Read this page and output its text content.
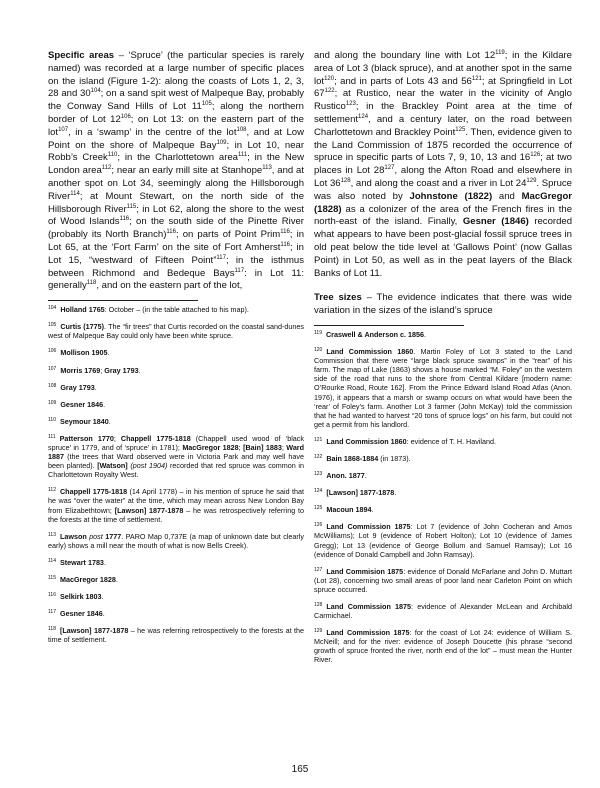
Specific areas – ‘Spruce’ (the particular species is rarely named) was recorded at a large number of specific places on the island (Figure 1-2): along the coasts of Lots 1, 2, 3, 28 and $30^{104}$; on a sand spit west of Malpeque Bay, probably the Conway Sand Hills of Lot $11^{105}$; along the northern border of Lot $12^{106}$; on Lot 13: on the eastern part of the lot$^{107}$, in a ‘swamp’ in the centre of the lot$^{108}$, and at Low Point on the shore of Malpeque Bay$^{109}$; in Lot 10, near Robb’s Creek$^{110}$; in the Charlottetown area$^{111}$; in the New London area$^{112}$; near an early mill site at Stanhope$^{113}$, and at another spot on Lot 34, seemingly along the Hillsborough River$^{114}$; at Mount Stewart, on the north side of the Hillsborough River$^{115}$; in Lot 62, along the shore to the west of Wood Islands$^{116}$; on the south side of the Pinette River (probably its North Branch)$^{116}$; on parts of Point Prim$^{116}$; in Lot 65, at the ‘Fort Farm’ on the site of Fort Amherst$^{116}$; in Lot 15, “westward of Fifteen Point”$^{117}$; in the isthmus between Richmond and Bedeque Bays$^{117}$: in Lot 11: generally$^{118}$, and on the eastern part of the lot,

$^{104}$ Holland 1765: October – (in the table attached to his map).

$^{105}$ Curtis (1775). The “fir trees” that Curtis recorded on the coastal sand-dunes west of Malpeque Bay could only have been white spruce.

$^{106}$ Mollison 1905.

$^{107}$ Morris 1769; Gray 1793.

$^{108}$ Gray 1793.

$^{109}$ Gesner 1846.

$^{110}$ Seymour 1840.

$^{111}$ Patterson 1770; Chappell 1775-1818 (Chappell used wood of ‘black spruce’ in 1779, and of ‘spruce’ in 1781); MacGregor 1828; [Bain] 1883; Ward 1887 (the trees that Ward observed were in Victoria Park and may well have been planted). [Watson] (post 1904) recorded that red spruce was common in Charlottetown Royalty West.

$^{112}$ Chappell 1775-1818 (14 April 1778) – in his mention of spruce he said that he was “over the water” at the time, which may mean across New London Bay from Elizabethtown; [Lawson] 1877-1878 – he was retrospectively referring to the forests at the time of settlement.

$^{113}$ Lawson post 1777. PARO Map 0,737E (a map of unknown date but clearly early) shows a mill near the mouth of what is now Bells Creek).

$^{114}$ Stewart 1783.

$^{115}$ MacGregor 1828.

$^{116}$ Selkirk 1803.

$^{117}$ Gesner 1846.

$^{118}$ [Lawson] 1877-1878 – he was referring retrospectively to the forests at the time of settlement.

and along the boundary line with Lot $12^{119}$; in the Kildare area of Lot 3 (black spruce), and at another spot in the same lot$^{120}$; and in parts of Lots 43 and $56^{121}$; at Springfield in Lot $67^{122}$; at Rustico, near the water in the vicinity of Anglo Rustico$^{123}$; in the Brackley Point area at the time of settlement$^{124}$, and a century later, on the road between Charlottetown and Brackley Point$^{125}$. Then, evidence given to the Land Commission of 1875 recorded the occurrence of spruce in specific parts of Lots 7, 9, 10, 13 and $16^{126}$; at two places in Lot $28^{127}$, along the Afton Road and elsewhere in Lot $36^{128}$, and along the coast and a river in Lot $24^{129}$. Spruce was also noted by Johnstone (1822) and MacGregor (1828) as a colonizer of the area of the French fires in the north-east of the island. Finally, Gesner (1846) recorded what appears to have been post-glacial fossil spruce trees in old peat below the tide level at ‘Gallows Point’ (now Gallas Point) in Lot 50, as well as in the peat layers of the Black Banks of Lot 11.

Tree sizes – The evidence indicates that there was wide variation in the sizes of the island’s spruce

$^{119}$ Craswell & Anderson c. 1856.

$^{120}$ Land Commission 1860. Martin Foley of Lot 3 stated to the Land Commission that there were “large black spruce swamps” in the “rear” of his farm. The map of Lake (1863) shows a house marked “M. Foley” on the western side of the road that runs to the shore from Central Kildare [modern name: O’Rourke Road, Route 162]. From the Prince Edward Island Road Atlas (Anon. 1976), it appears that a marsh or swamp occurs on what would have been the ‘rear’ of Foley’s farm. Another Lot 3 farmer (John McKay) told the commission that he had wanted to harvest “20 tons of spruce logs” on his farm, but could not get a permit from his landlord.

$^{121}$ Land Commission 1860: evidence of T. H. Haviland.

$^{122}$ Bain 1868-1884 (in 1873).

$^{123}$ Anon. 1877.

$^{124}$ [Lawson] 1877-1878.

$^{125}$ Macoun 1894.

$^{126}$ Land Commission 1875: Lot 7 (evidence of John Cocheran and Amos McWilliams); Lot 9 (evidence of Robert Holton); Lot 10 (evidence of James Gregg); Lot 13 (evidence of George Bollum and Samuel Ramsay); Lot 16 (evidence of Donald Campbell and John Ramsay).

$^{127}$ Land Commision 1875: evidence of Donald McFarlane and John D. Muttart (Lot 28), concerning two small areas of poor land near Carleton Point on which spruce occurred.

$^{128}$ Land Commission 1875: evidence of Alexander McLean and Archibald Carmichael.

$^{129}$ Land Commission 1875: for the coast of Lot 24: evidence of William S. McNeill; and for the river: evidence of Joseph Doucette (his phrase “second growth of spruce fronted the river, north end of the lot” – must mean the Hunter River.

165
